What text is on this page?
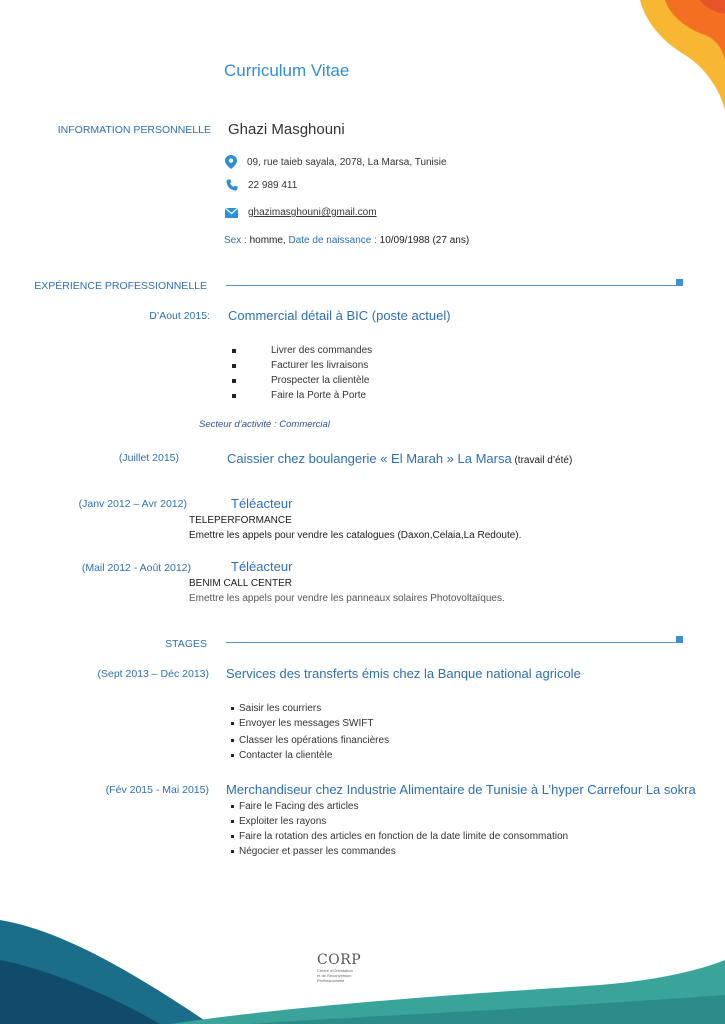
Curriculum Vitae
INFORMATION PERSONNELLE Ghazi Masghouni
09, rue taieb sayala, 2078, La Marsa, Tunisie
22 989 411
ghazimasghouni@gmail.com
Sex : homme, Date de naissance : 10/09/1988 (27 ans)
EXPÉRIENCE PROFESSIONNELLE
D’Aout 2015: Commercial détail à BIC (poste actuel)
Livrer des commandes
Facturer les livraisons
Prospecter la clientèle
Faire la Porte à Porte
Secteur d’activité : Commercial
(Juillet 2015)	Caissier chez boulangerie « El Marah » La Marsa (travail d’été)
(Janv 2012 – Avr 2012)	Téléacteur
TELEPERFORMANCE
Emettre les appels pour vendre les catalogues (Daxon,Celaia,La Redoute).
(Mail 2012 - Août 2012)	Téléacteur
BENIM CALL CENTER
Emettre les appels pour vendre les panneaux solaires Photovoltaïques.
STAGES
(Sept 2013 – Déc 2013) Services des transferts émis chez la Banque national agricole
Saisir les courriers
Envoyer les messages SWIFT
Classer les opérations financières
Contacter la clientèle
(Fév 2015 - Mai 2015) Merchandiseur chez Industrie Alimentaire de Tunisie à L’hyper Carrefour La sokra
Faire le Facing des articles
Exploiter les rayons
Faire la rotation des articles en fonction de la date limite de consommation
Négocier et passer les commandes
CORP
Centre d’Orientation
et de Reconversion
Professionnelle
